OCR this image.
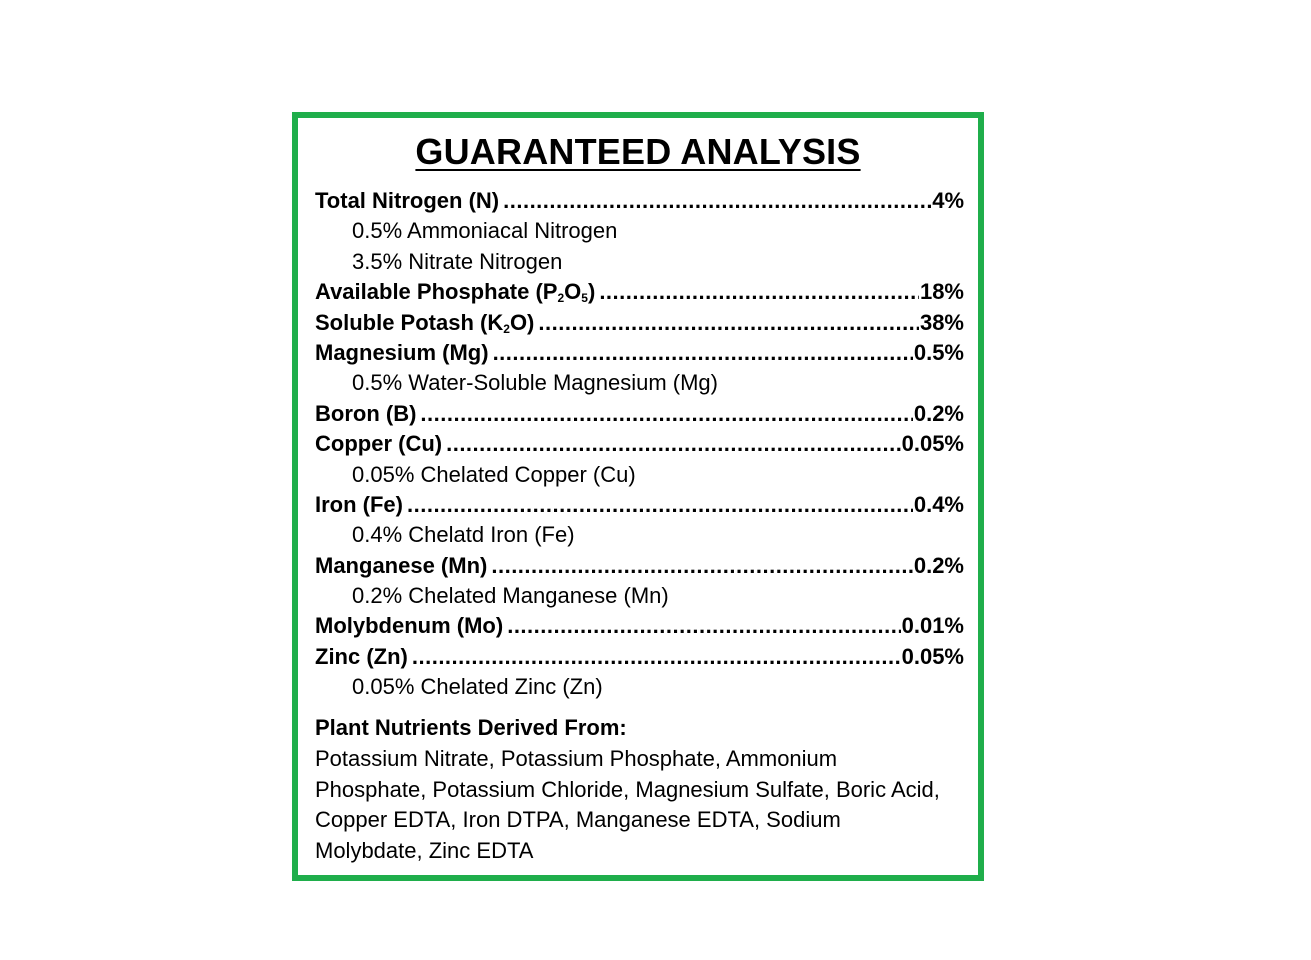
GUARANTEED ANALYSIS
Total Nitrogen (N) .....	4%
0.5% Ammoniacal Nitrogen
3.5% Nitrate Nitrogen
Available Phosphate $(P_2O_5)$ .....	18%
Soluble Potash $(K_2O)$ .....	38%
Magnesium (Mg) .....	0.5%
0.5% Water-Soluble Magnesium (Mg)
Boron (B) .....	0.2%
Copper (Cu) .....	0.05%
0.05% Chelated Copper (Cu)
Iron (Fe) .....	0.4%
0.4% Chelatd Iron (Fe)
Manganese (Mn) .....	0.2%
0.2% Chelated Manganese (Mn)
Molybdenum (Mo) .....	0.01%
Zinc (Zn) .....	0.05%
0.05% Chelated Zinc (Zn)
Plant Nutrients Derived From:
Potassium Nitrate, Potassium Phosphate, Ammonium Phosphate, Potassium Chloride, Magnesium Sulfate, Boric Acid, Copper EDTA, Iron DTPA, Manganese EDTA, Sodium Molybdate, Zinc EDTA
